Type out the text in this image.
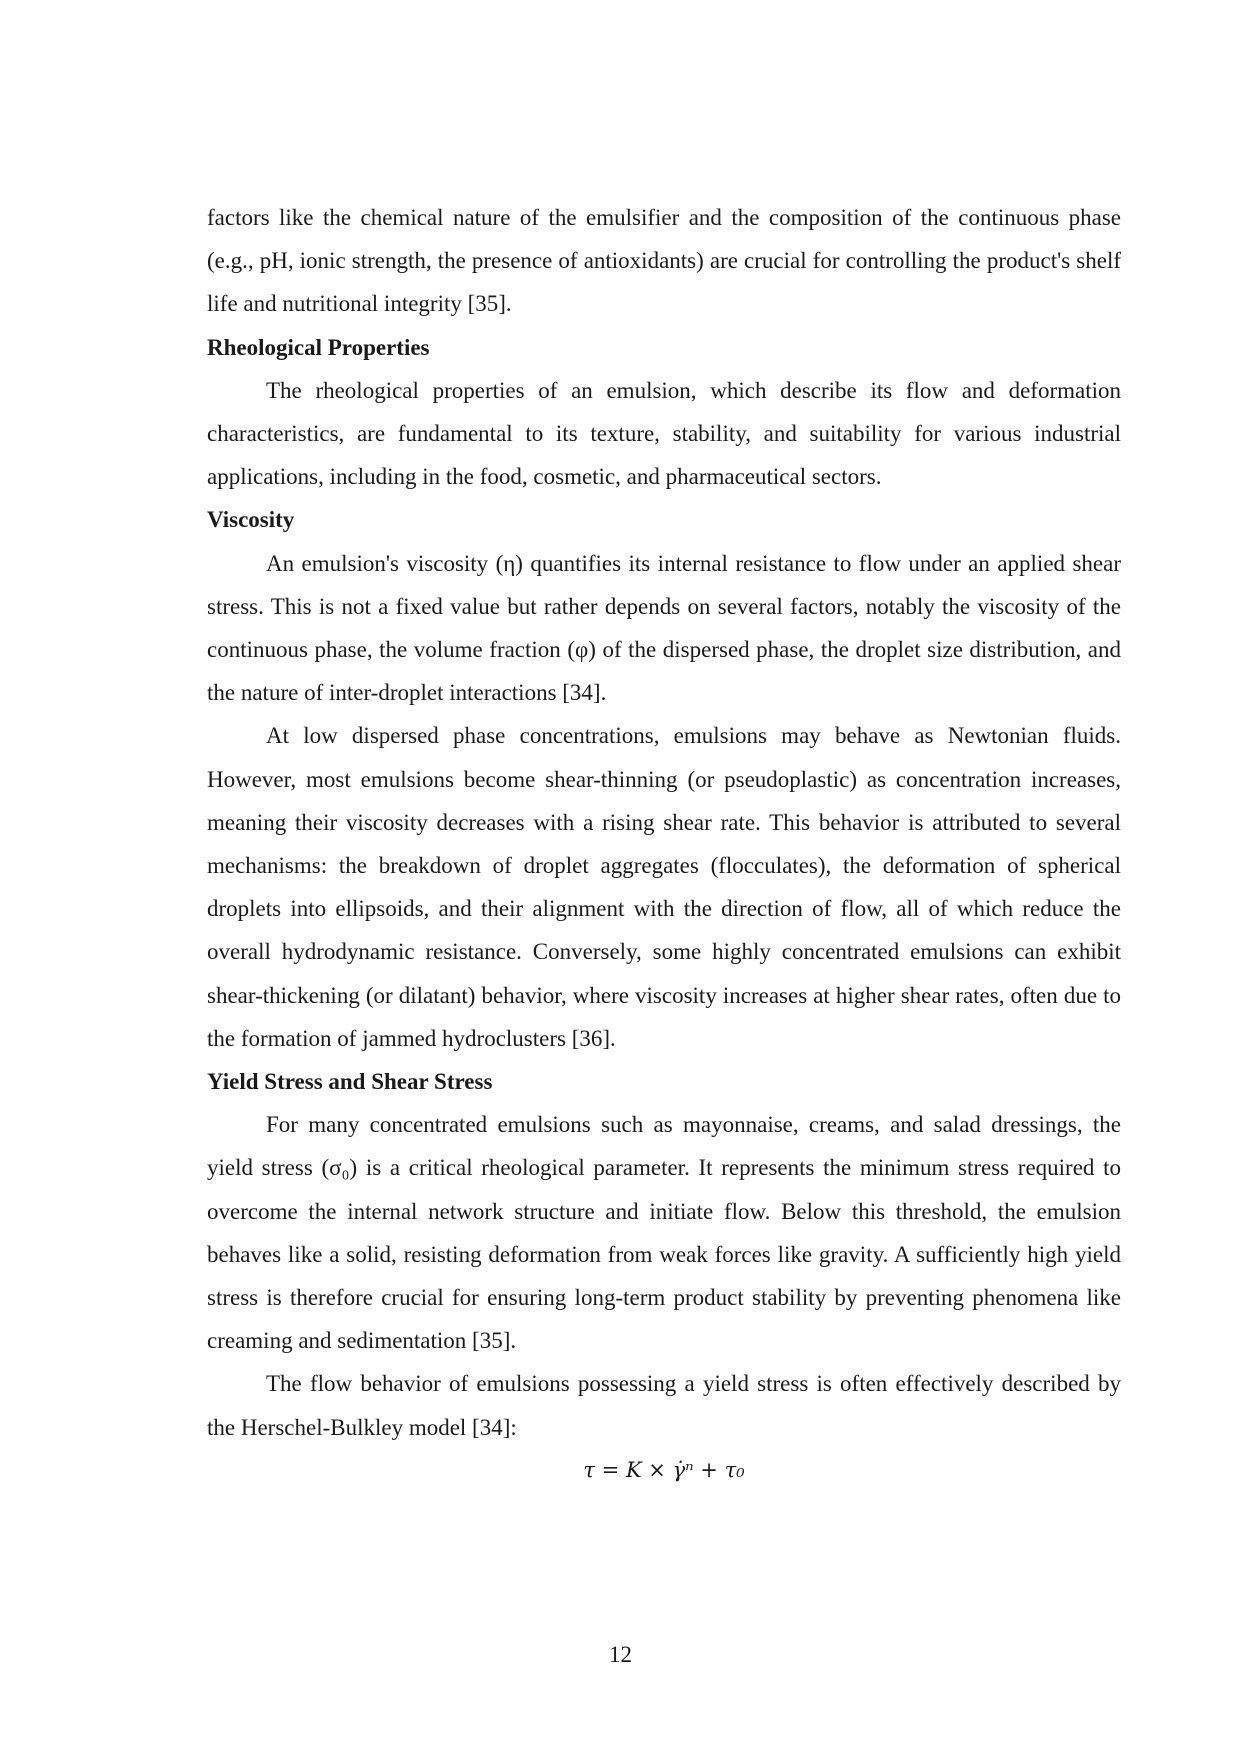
factors like the chemical nature of the emulsifier and the composition of the continuous phase (e.g., pH, ionic strength, the presence of antioxidants) are crucial for controlling the product's shelf life and nutritional integrity [35].

Rheological Properties

The rheological properties of an emulsion, which describe its flow and deformation characteristics, are fundamental to its texture, stability, and suitability for various industrial applications, including in the food, cosmetic, and pharmaceutical sectors.

Viscosity

An emulsion's viscosity (η) quantifies its internal resistance to flow under an applied shear stress. This is not a fixed value but rather depends on several factors, notably the viscosity of the continuous phase, the volume fraction (φ) of the dispersed phase, the droplet size distribution, and the nature of inter-droplet interactions [34].

At low dispersed phase concentrations, emulsions may behave as Newtonian fluids. However, most emulsions become shear-thinning (or pseudoplastic) as concentration increases, meaning their viscosity decreases with a rising shear rate. This behavior is attributed to several mechanisms: the breakdown of droplet aggregates (flocculates), the deformation of spherical droplets into ellipsoids, and their alignment with the direction of flow, all of which reduce the overall hydrodynamic resistance. Conversely, some highly concentrated emulsions can exhibit shear-thickening (or dilatant) behavior, where viscosity increases at higher shear rates, often due to the formation of jammed hydroclusters [36].

Yield Stress and Shear Stress

For many concentrated emulsions such as mayonnaise, creams, and salad dressings, the yield stress (σ₀) is a critical rheological parameter. It represents the minimum stress required to overcome the internal network structure and initiate flow. Below this threshold, the emulsion behaves like a solid, resisting deformation from weak forces like gravity. A sufficiently high yield stress is therefore crucial for ensuring long-term product stability by preventing phenomena like creaming and sedimentation [35].

The flow behavior of emulsions possessing a yield stress is often effectively described by the Herschel-Bulkley model [34]:

τ = K × γ̇ⁿ + τ₀

12
